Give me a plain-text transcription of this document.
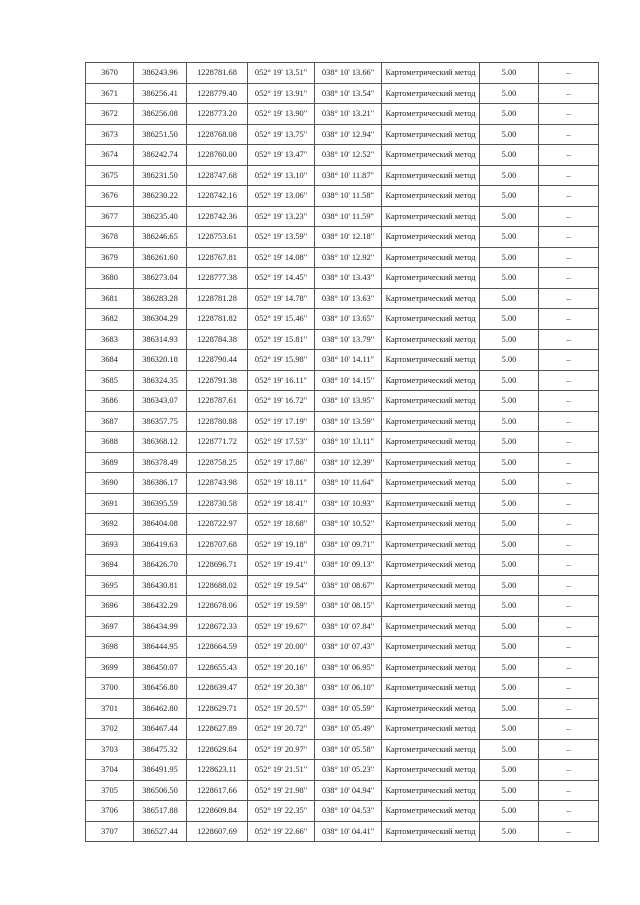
3670	386243.96	1228781.68	052° 19' 13.51"	038° 10' 13.66"	Картометрический метод	5.00	–
3671	386256.41	1228779.40	052° 19' 13.91"	038° 10' 13.54"	Картометрический метод	5.00	–
3672	386256.08	1228773.20	052° 19' 13.90"	038° 10' 13.21"	Картометрический метод	5.00	–
3673	386251.50	1228768.08	052° 19' 13.75"	038° 10' 12.94"	Картометрический метод	5.00	–
3674	386242.74	1228760.00	052° 19' 13.47"	038° 10' 12.52"	Картометрический метод	5.00	–
3675	386231.50	1228747.68	052° 19' 13.10"	038° 10' 11.87"	Картометрический метод	5.00	–
3676	386230.22	1228742.16	052° 19' 13.06"	038° 10' 11.58"	Картометрический метод	5.00	–
3677	386235.40	1228742.36	052° 19' 13.23"	038° 10' 11.59"	Картометрический метод	5.00	–
3678	386246.65	1228753.61	052° 19' 13.59"	038° 10' 12.18"	Картометрический метод	5.00	–
3679	386261.60	1228767.81	052° 19' 14.08"	038° 10' 12.92"	Картометрический метод	5.00	–
3680	386273.04	1228777.38	052° 19' 14.45"	038° 10' 13.43"	Картометрический метод	5.00	–
3681	386283.28	1228781.28	052° 19' 14.78"	038° 10' 13.63"	Картометрический метод	5.00	–
3682	386304.29	1228781.82	052° 19' 15.46"	038° 10' 13.65"	Картометрический метод	5.00	–
3683	386314.93	1228784.38	052° 19' 15.81"	038° 10' 13.79"	Картометрический метод	5.00	–
3684	386320.18	1228790.44	052° 19' 15.98"	038° 10' 14.11"	Картометрический метод	5.00	–
3685	386324.35	1228791.38	052° 19' 16.11"	038° 10' 14.15"	Картометрический метод	5.00	–
3686	386343.07	1228787.61	052° 19' 16.72"	038° 10' 13.95"	Картометрический метод	5.00	–
3687	386357.75	1228780.88	052° 19' 17.19"	038° 10' 13.59"	Картометрический метод	5.00	–
3688	386368.12	1228771.72	052° 19' 17.53"	038° 10' 13.11"	Картометрический метод	5.00	–
3689	386378.49	1228758.25	052° 19' 17.86"	038° 10' 12.39"	Картометрический метод	5.00	–
3690	386386.17	1228743.98	052° 19' 18.11"	038° 10' 11.64"	Картометрический метод	5.00	–
3691	386395.59	1228730.58	052° 19' 18.41"	038° 10' 10.93"	Картометрический метод	5.00	–
3692	386404.08	1228722.97	052° 19' 18.68"	038° 10' 10.52"	Картометрический метод	5.00	–
3693	386419.63	1228707.68	052° 19' 19.18"	038° 10' 09.71"	Картометрический метод	5.00	–
3694	386426.70	1228696.71	052° 19' 19.41"	038° 10' 09.13"	Картометрический метод	5.00	–
3695	386430.81	1228688.02	052° 19' 19.54"	038° 10' 08.67"	Картометрический метод	5.00	–
3696	386432.29	1228678.06	052° 19' 19.59"	038° 10' 08.15"	Картометрический метод	5.00	–
3697	386434.99	1228672.33	052° 19' 19.67"	038° 10' 07.84"	Картометрический метод	5.00	–
3698	386444.95	1228664.59	052° 19' 20.00"	038° 10' 07.43"	Картометрический метод	5.00	–
3699	386450.07	1228655.43	052° 19' 20.16"	038° 10' 06.95"	Картометрический метод	5.00	–
3700	386456.80	1228639.47	052° 19' 20.38"	038° 10' 06.10"	Картометрический метод	5.00	–
3701	386462.80	1228629.71	052° 19' 20.57"	038° 10' 05.59"	Картометрический метод	5.00	–
3702	386467.44	1228627.89	052° 19' 20.72"	038° 10' 05.49"	Картометрический метод	5.00	–
3703	386475.32	1228629.64	052° 19' 20.97"	038° 10' 05.58"	Картометрический метод	5.00	–
3704	386491.95	1228623.11	052° 19' 21.51"	038° 10' 05.23"	Картометрический метод	5.00	–
3705	386506.50	1228617.66	052° 19' 21.98"	038° 10' 04.94"	Картометрический метод	5.00	–
3706	386517.88	1228609.84	052° 19' 22.35"	038° 10' 04.53"	Картометрический метод	5.00	–
3707	386527.44	1228607.69	052° 19' 22.66"	038° 10' 04.41"	Картометрический метод	5.00	–
